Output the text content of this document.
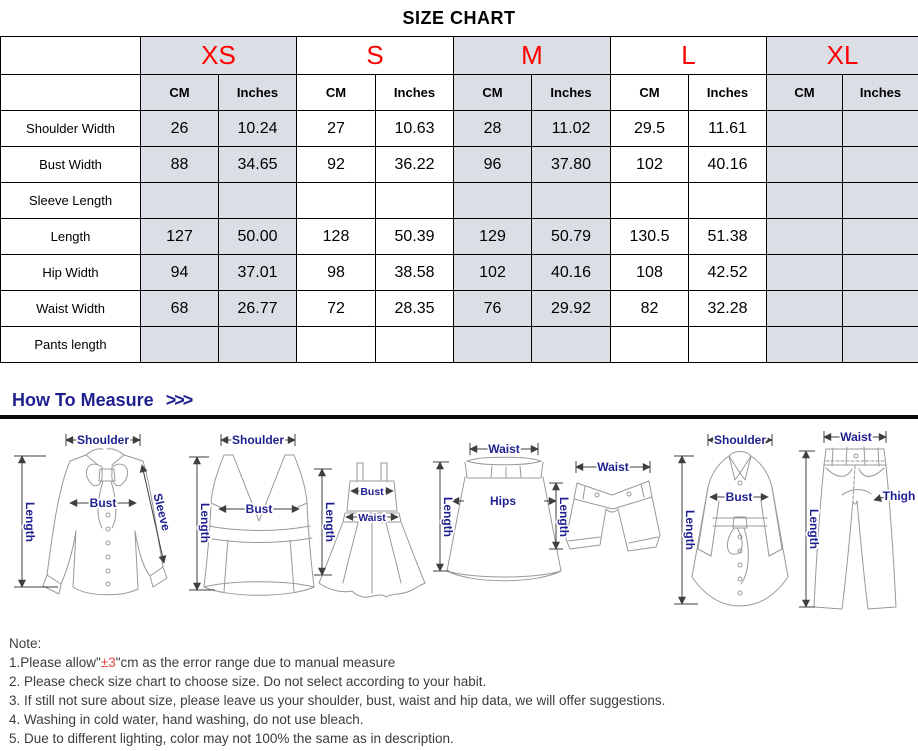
SIZE CHART
	XS		S		M		L		XL	
	CM	Inches	CM	Inches	CM	Inches	CM	Inches	CM	Inches
Shoulder Width	26	10.24	27	10.63	28	11.02	29.5	11.61		
Bust Width	88	34.65	92	36.22	96	37.80	102	40.16		
Sleeve Length										
Length	127	50.00	128	50.39	129	50.79	130.5	51.38		
Hip Width	94	37.01	98	38.58	102	40.16	108	42.52		
Waist Width	68	26.77	72	28.35	76	29.92	82	32.28		
Pants length										
How To Measure >>>
Shoulder
Length	Bust	Sleeve
Shoulder
Length	Bust
Bust
Waist
Length
Waist
Hips
Length
Waist
Length
Shoulder
Bust
Length
Waist
Thigh
Length
Note:
1.Please allow"±3"cm as the error range due to manual measure
2. Please check size chart to choose size. Do not select according to your habit.
3. If still not sure about size, please leave us your shoulder, bust, waist and hip data, we will offer suggestions.
4. Washing in cold water, hand washing, do not use bleach.
5. Due to different lighting, color may not 100% the same as in description.
